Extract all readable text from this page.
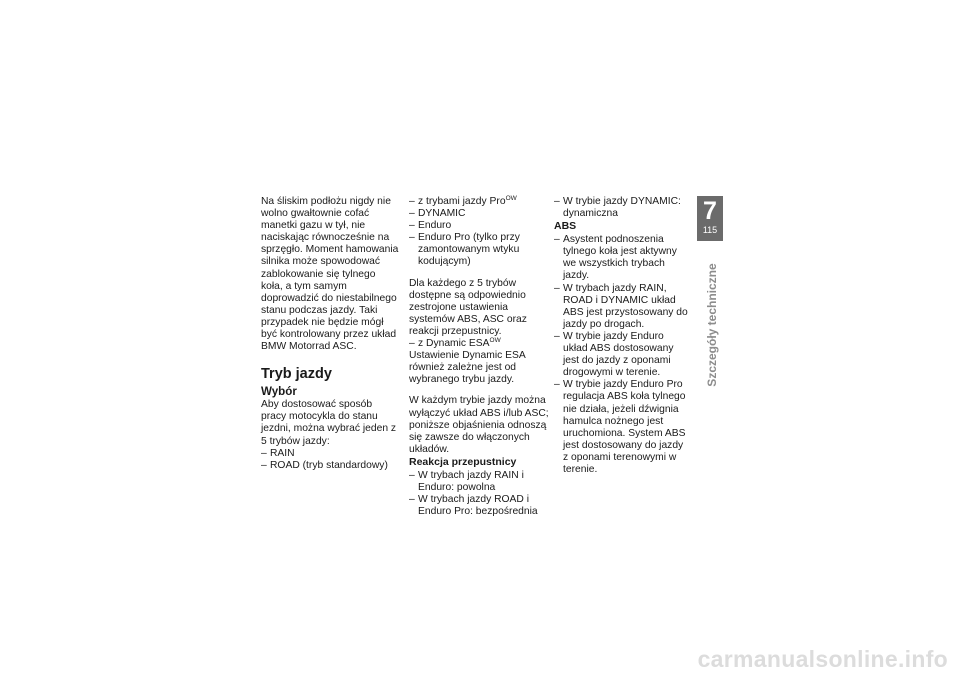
Na śliskim podłożu nigdy nie wolno gwałtownie cofać manetki gazu w tył, nie naciskając równocześnie na sprzęgło. Moment hamowania silnika może spowodować zablokowanie się tylnego koła, a tym samym doprowadzić do niestabilnego stanu podczas jazdy. Taki przypadek nie będzie mógł być kontrolowany przez układ BMW Motorrad ASC.

Tryb jazdy
Wybór

Aby dostosować sposób pracy motocykla do stanu jezdni, można wybrać jeden z 5 trybów jazdy:

– RAIN
– ROAD (tryb standardowy)
– z trybami jazdy Pro$^{OW}$
– DYNAMIC
– Enduro
– Enduro Pro (tylko przy zamontowanym wtyku kodującym)

Dla każdego z 5 trybów dostępne są odpowiednio zestrojone ustawienia systemów ABS, ASC oraz reakcji przepustnicy.

– z Dynamic $ESA^{OW}$

Ustawienie Dynamic ESA również zależne jest od wybranego trybu jazdy.

W każdym trybie jazdy można wyłączyć układ ABS i/lub ASC; poniższe objaśnienia odnoszą się zawsze do włączonych układów.

Reakcja przepustnicy
– W trybach jazdy RAIN i Enduro: powolna
– W trybach jazdy ROAD i Enduro Pro: bezpośrednia
– W trybie jazdy DYNAMIC: dynamiczna
ABS
– Asystent podnoszenia tylnego koła jest aktywny we wszystkich trybach jazdy.
– W trybach jazdy RAIN, ROAD i DYNAMIC układ ABS jest przystosowany do jazdy po drogach.
– W trybie jazdy Enduro układ ABS dostosowany jest do jazdy z oponami drogowymi w terenie.
– W trybie jazdy Enduro Pro regulacja ABS koła tylnego nie działa, jeżeli dźwignia hamulca nożnego jest uruchomiona. System ABS jest dostosowany do jazdy z oponami terenowymi w terenie.
7
115
Szczegóły techniczne
carmanualsonline.info
